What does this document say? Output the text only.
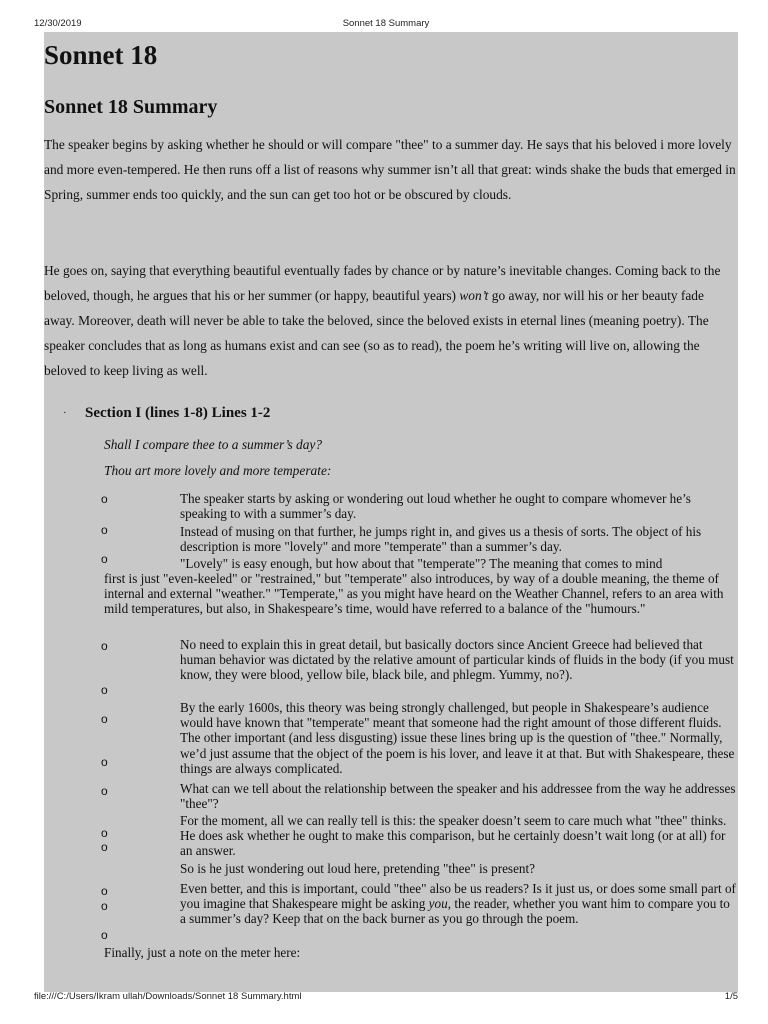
12/30/2019	Sonnet 18 Summary
Sonnet 18
Sonnet 18 Summary

The speaker begins by asking whether he should or will compare "thee" to a summer day. He says that his beloved i more lovely and more even-tempered. He then runs off a list of reasons why summer isn’t all that great: winds shake the buds that emerged in Spring, summer ends too quickly, and the sun can get too hot or be obscured by clouds.

He goes on, saying that everything beautiful eventually fades by chance or by nature’s inevitable changes. Coming back to the beloved, though, he argues that his or her summer (or happy, beautiful years) won’t go away, nor will his or her beauty fade away. Moreover, death will never be able to take the beloved, since the beloved exists in eternal lines (meaning poetry). The speaker concludes that as long as humans exist and can see (so as to read), the poem he’s writing will live on, allowing the beloved to keep living as well.

· Section I (lines 1-8) Lines 1-2
Shall I compare thee to a summer’s day?
Thou art more lovely and more temperate:
o
o
o
o
o
o
o
o
o
o
o
o
o
The speaker starts by asking or wondering out loud whether he ought to compare whomever he’s speaking to with a summer’s day.
Instead of musing on that further, he jumps right in, and gives us a thesis of sorts. The object of his description is more "lovely" and more "temperate" than a summer’s day.
"Lovely" is easy enough, but how about that "temperate"? The meaning that comes to mind
first is just "even-keeled" or "restrained," but "temperate" also introduces, by way of a double meaning, the theme of internal and external "weather." "Temperate," as you might have heard on the Weather Channel, refers to an area with mild temperatures, but also, in Shakespeare’s time, would have referred to a balance of the "humours."
No need to explain this in great detail, but basically doctors since Ancient Greece had believed that human behavior was dictated by the relative amount of particular kinds of fluids in the body (if you must know, they were blood, yellow bile, black bile, and phlegm. Yummy, no?).
By the early 1600s, this theory was being strongly challenged, but people in Shakespeare’s audience would have known that "temperate" meant that someone had the right amount of those different fluids. The other important (and less disgusting) issue these lines bring up is the question of "thee." Normally, we’d just assume that the object of the poem is his lover, and leave it at that. But with Shakespeare, these things are always complicated.
What can we tell about the relationship between the speaker and his addressee from the way he addresses "thee"?
For the moment, all we can really tell is this: the speaker doesn’t seem to care much what "thee" thinks. He does ask whether he ought to make this comparison, but he certainly doesn’t wait long (or at all) for an answer.
So is he just wondering out loud here, pretending "thee" is present?
Even better, and this is important, could "thee" also be us readers? Is it just us, or does some small part of you imagine that Shakespeare might be asking you, the reader, whether you want him to compare you to a summer’s day? Keep that on the back burner as you go through the poem.
Finally, just a note on the meter here:
file:///C:/Users/Ikram ullah/Downloads/Sonnet 18 Summary.html	1/5
